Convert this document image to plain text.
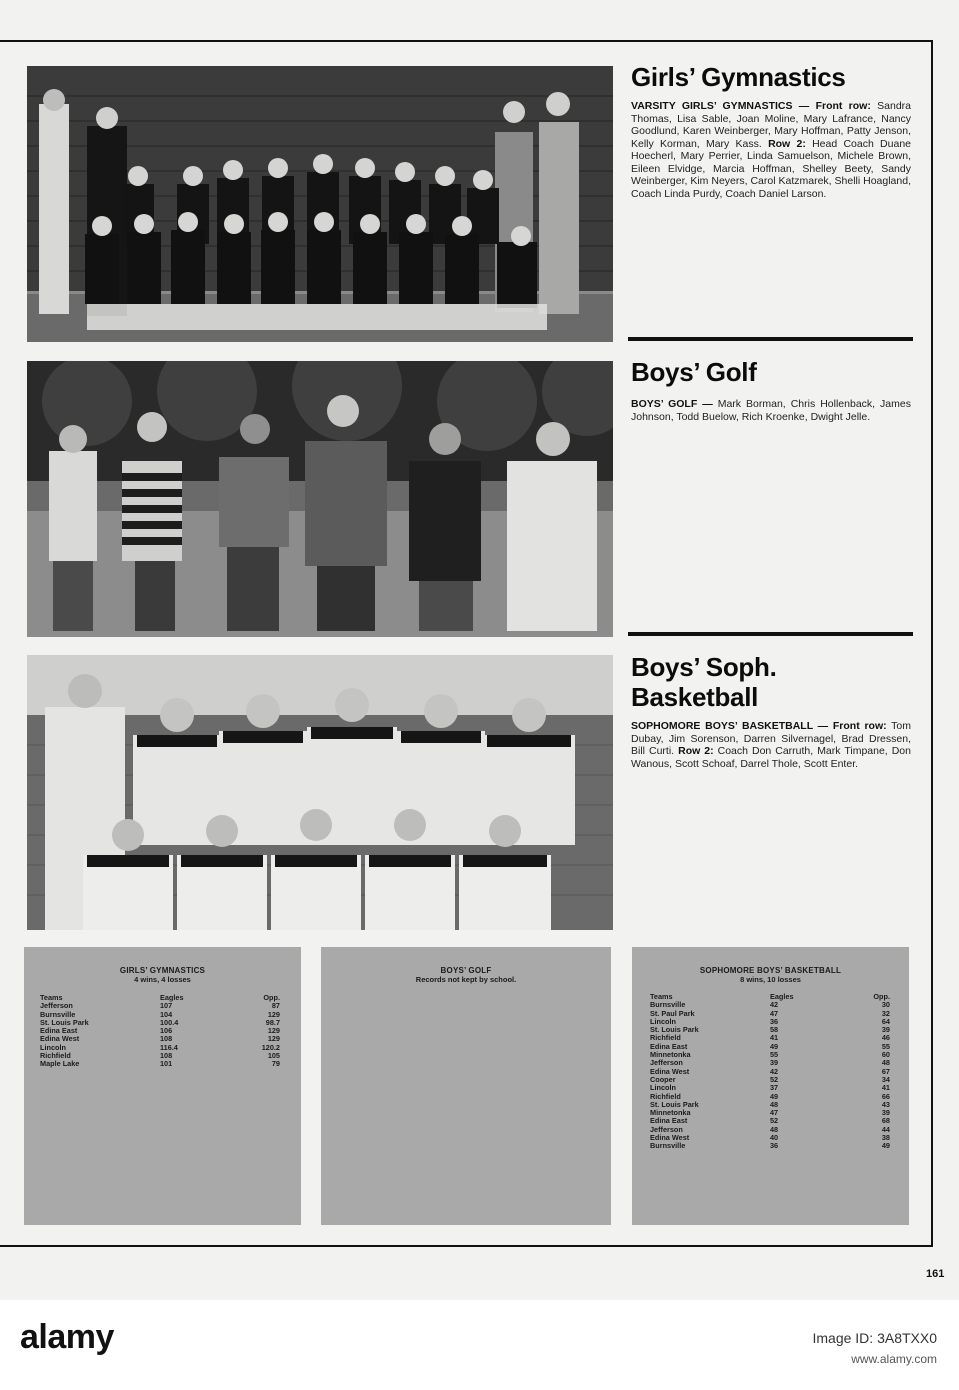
Girls’ Gymnastics

VARSITY GIRLS’ GYMNASTICS — Front row: Sandra Thomas, Lisa Sable, Joan Moline, Mary Lafrance, Nancy Goodlund, Karen Weinberger, Mary Hoffman, Patty Jenson, Kelly Korman, Mary Kass. Row 2: Head Coach Duane Hoecherl, Mary Perrier, Linda Samuelson, Michele Brown, Eileen Elvidge, Marcia Hoffman, Shelley Beety, Sandy Weinberger, Kim Neyers, Carol Katzmarek, Shelli Hoagland, Coach Linda Purdy, Coach Daniel Larson.

Boys’ Golf

BOYS’ GOLF — Mark Borman, Chris Hollenback, James Johnson, Todd Buelow, Rich Kroenke, Dwight Jelle.

Boys’ Soph.
Basketball

SOPHOMORE BOYS’ BASKETBALL — Front row: Tom Dubay, Jim Sorenson, Darren Silvernagel, Brad Dressen, Bill Curti. Row 2: Coach Don Carruth, Mark Timpane, Don Wanous, Scott Schoaf, Darrel Thole, Scott Enter.

GIRLS’ GYMNASTICS
4 wins, 4 losses
Teams	Eagles	Opp.
Jefferson	107	87
Burnsville	104	129
St. Louis Park	100.4	98.7
Edina East	106	129
Edina West	108	129
Lincoln	116.4	120.2
Richfield	108	105
Maple Lake	101	79
BOYS’ GOLF
Records not kept by school.
SOPHOMORE BOYS’ BASKETBALL
8 wins, 10 losses
Teams	Eagles	Opp.
Burnsville	42	30
St. Paul Park	47	32
Lincoln	36	64
St. Louis Park	58	39
Richfield	41	46
Edina East	49	55
Minnetonka	55	60
Jefferson	39	48
Edina West	42	67
Cooper	52	34
Lincoln	37	41
Richfield	49	66
St. Louis Park	48	43
Minnetonka	47	39
Edina East	52	68
Jefferson	48	44
Edina West	40	38
Burnsville	36	49
161
alamy	Image ID: 3A8TXX0
www.alamy.com
